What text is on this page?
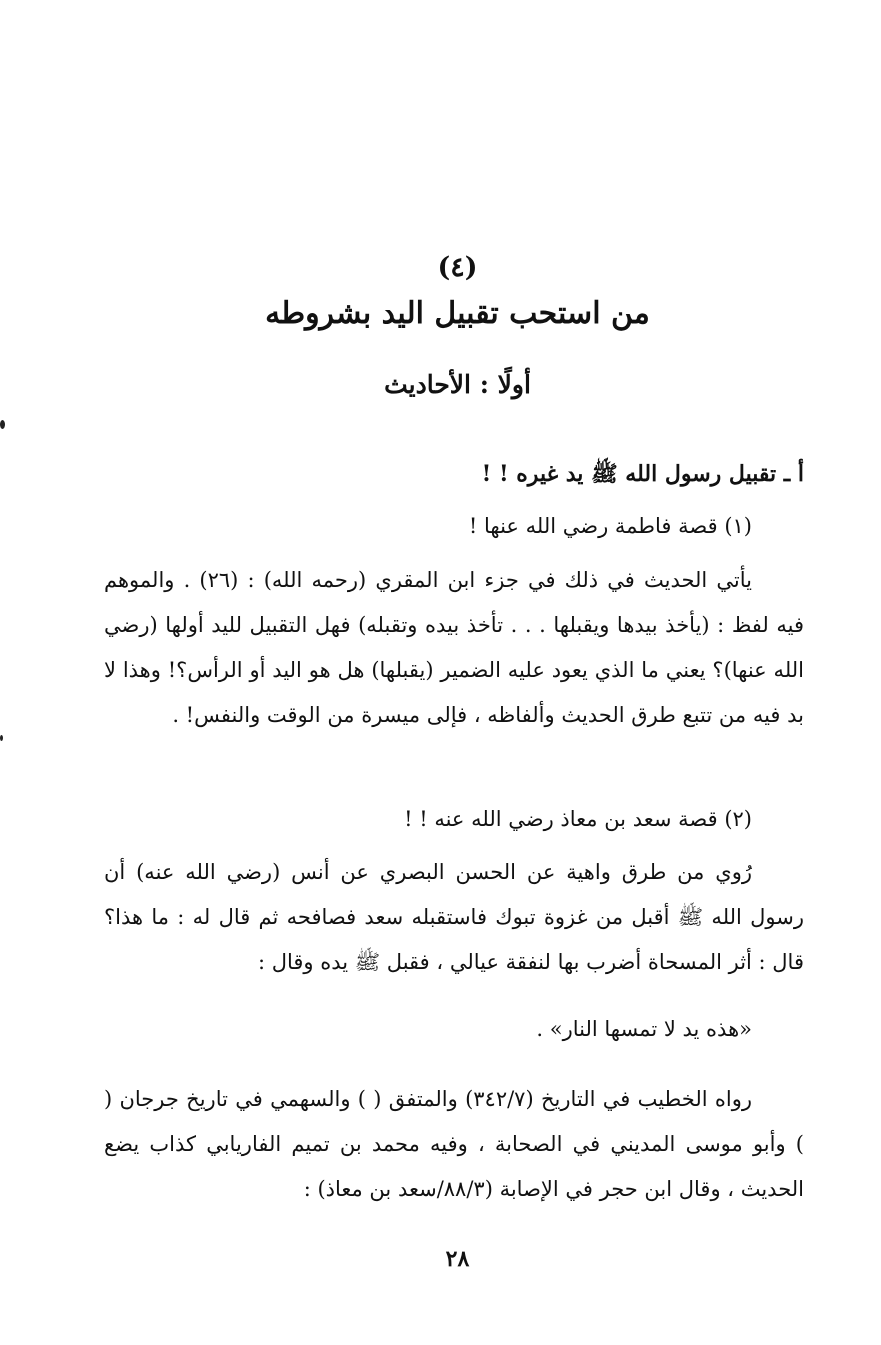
(٤)
من استحب تقبيل اليد بشروطه
أولًا : الأحاديث
أ ـ تقبيل رسول الله ﷺ يد غيره ! !
(١) قصة فاطمة رضي الله عنها !
يأتي الحديث في ذلك في جزء ابن المقري (رحمه الله) : (٢٦) . والموهم فيه لفظ : (يأخذ بيدها ويقبلها . . . تأخذ بيده وتقبله) فهل التقبيل لليد أولها (رضي الله عنها)؟ يعني ما الذي يعود عليه الضمير (يقبلها) هل هو اليد أو الرأس؟! وهذا لا بد فيه من تتبع طرق الحديث وألفاظه ، فإلى ميسرة من الوقت والنفس! .
(٢) قصة سعد بن معاذ رضي الله عنه ! !
رُوي من طرق واهية عن الحسن البصري عن أنس (رضي الله عنه) أن رسول الله ﷺ أقبل من غزوة تبوك فاستقبله سعد فصافحه ثم قال له : ما هذا؟ قال : أثر المسحاة أضرب بها لنفقة عيالي ، فقبل ﷺ يده وقال :
«هذه يد لا تمسها النار» .
رواه الخطيب في التاريخ (٣٤٢/٧) والمتفق ( ) والسهمي في تاريخ جرجان ( ) وأبو موسى المديني في الصحابة ، وفيه محمد بن تميم الفاريابي كذاب يضع الحديث ، وقال ابن حجر في الإصابة (٨٨/٣/سعد بن معاذ) :
٢٨
